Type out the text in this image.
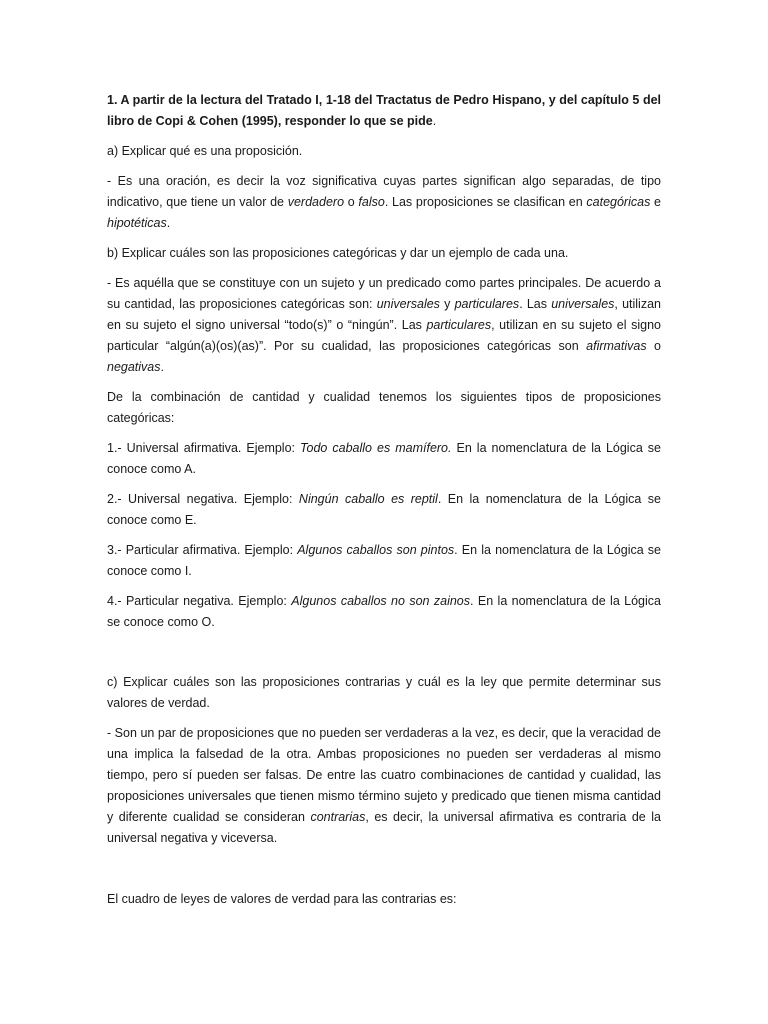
1. A partir de la lectura del Tratado I, 1-18 del Tractatus de Pedro Hispano, y del capítulo 5 del libro de Copi & Cohen (1995), responder lo que se pide.

a) Explicar qué es una proposición.

- Es una oración, es decir la voz significativa cuyas partes significan algo separadas, de tipo indicativo, que tiene un valor de verdadero o falso. Las proposiciones se clasifican en categóricas e hipotéticas.

b) Explicar cuáles son las proposiciones categóricas y dar un ejemplo de cada una.

- Es aquélla que se constituye con un sujeto y un predicado como partes principales. De acuerdo a su cantidad, las proposiciones categóricas son: universales y particulares. Las universales, utilizan en su sujeto el signo universal “todo(s)” o “ningún”. Las particulares, utilizan en su sujeto el signo particular “algún(a)(os)(as)”. Por su cualidad, las proposiciones categóricas son afirmativas o negativas.

De la combinación de cantidad y cualidad tenemos los siguientes tipos de proposiciones categóricas:

1.- Universal afirmativa. Ejemplo: Todo caballo es mamífero. En la nomenclatura de la Lógica se conoce como A.

2.- Universal negativa. Ejemplo: Ningún caballo es reptil. En la nomenclatura de la Lógica se conoce como E.

3.- Particular afirmativa. Ejemplo: Algunos caballos son pintos. En la nomenclatura de la Lógica se conoce como I.

4.- Particular negativa. Ejemplo: Algunos caballos no son zainos. En la nomenclatura de la Lógica se conoce como O.

c) Explicar cuáles son las proposiciones contrarias y cuál es la ley que permite determinar sus valores de verdad.

- Son un par de proposiciones que no pueden ser verdaderas a la vez, es decir, que la veracidad de una implica la falsedad de la otra. Ambas proposiciones no pueden ser verdaderas al mismo tiempo, pero sí pueden ser falsas. De entre las cuatro combinaciones de cantidad y cualidad, las proposiciones universales que tienen mismo término sujeto y predicado que tienen misma cantidad y diferente cualidad se consideran contrarias, es decir, la universal afirmativa es contraria de la universal negativa y viceversa.

El cuadro de leyes de valores de verdad para las contrarias es:
